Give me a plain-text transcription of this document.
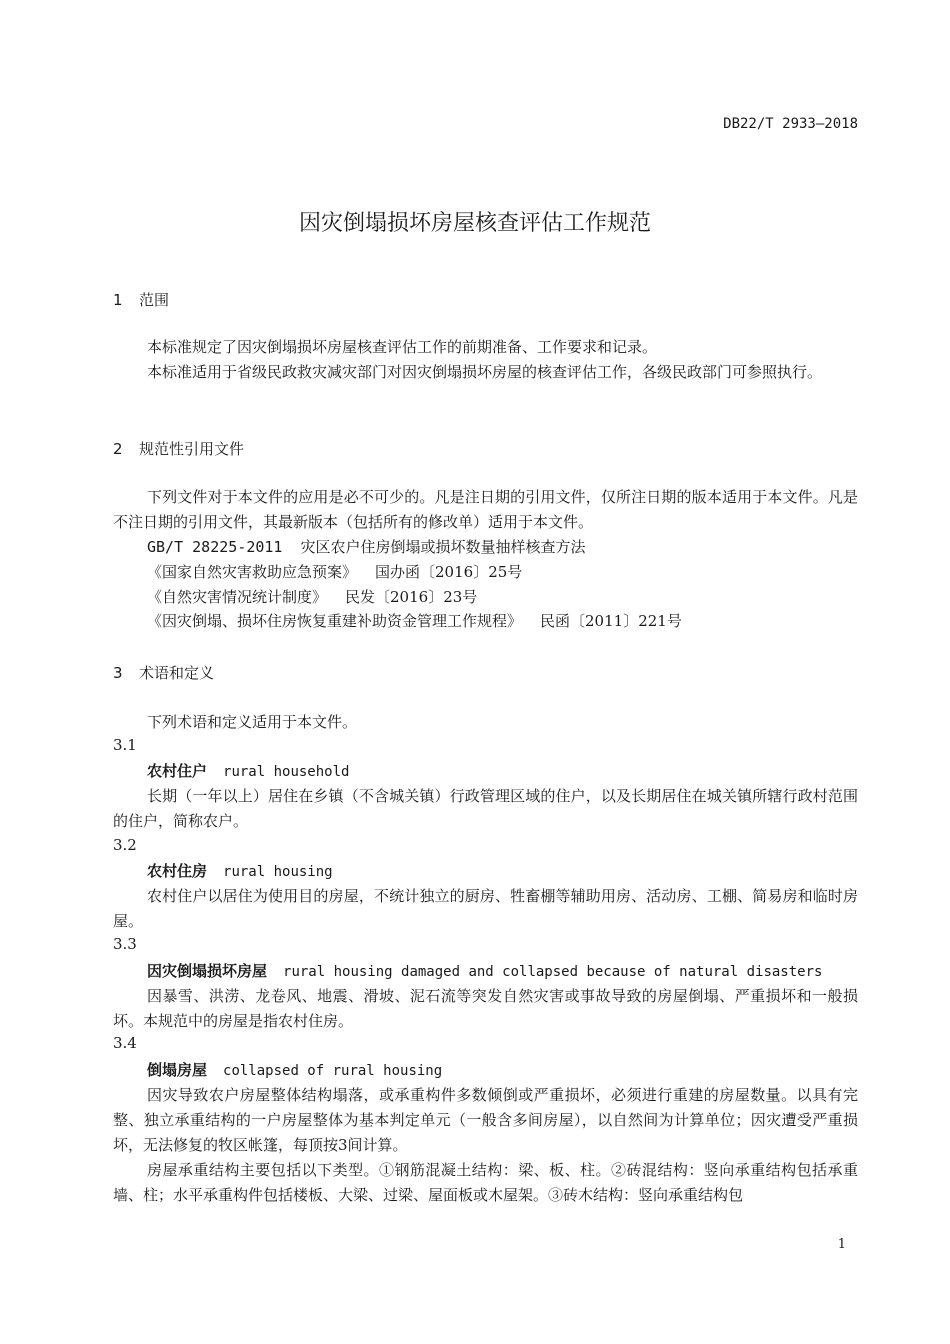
DB22/T 2933—2018
因灾倒塌损坏房屋核查评估工作规范
1 范围
本标准规定了因灾倒塌损坏房屋核查评估工作的前期准备、工作要求和记录。
本标准适用于省级民政救灾减灾部门对因灾倒塌损坏房屋的核查评估工作，各级民政部门可参照执行。
2 规范性引用文件
下列文件对于本文件的应用是必不可少的。凡是注日期的引用文件，仅所注日期的版本适用于本文件。凡是不注日期的引用文件，其最新版本（包括所有的修改单）适用于本文件。
GB/T 28225-2011 灾区农户住房倒塌或损坏数量抽样核查方法
《国家自然灾害救助应急预案》 国办函〔2016〕25号
《自然灾害情况统计制度》 民发〔2016〕23号
《因灾倒塌、损坏住房恢复重建补助资金管理工作规程》 民函〔2011〕221号
3 术语和定义
下列术语和定义适用于本文件。
3.1
农村住户 rural household
长期（一年以上）居住在乡镇（不含城关镇）行政管理区域的住户，以及长期居住在城关镇所辖行政村范围的住户，简称农户。
3.2
农村住房 rural housing
农村住户以居住为使用目的房屋，不统计独立的厨房、牲畜棚等辅助用房、活动房、工棚、简易房和临时房屋。
3.3
因灾倒塌损坏房屋 rural housing damaged and collapsed because of natural disasters
因暴雪、洪涝、龙卷风、地震、滑坡、泥石流等突发自然灾害或事故导致的房屋倒塌、严重损坏和一般损坏。本规范中的房屋是指农村住房。
3.4
倒塌房屋 collapsed of rural housing
因灾导致农户房屋整体结构塌落，或承重构件多数倾倒或严重损坏，必须进行重建的房屋数量。以具有完整、独立承重结构的一户房屋整体为基本判定单元（一般含多间房屋），以自然间为计算单位；因灾遭受严重损坏，无法修复的牧区帐篷，每顶按3间计算。
房屋承重结构主要包括以下类型。①钢筋混凝土结构：梁、板、柱。②砖混结构：竖向承重结构包括承重墙、柱；水平承重构件包括楼板、大梁、过梁、屋面板或木屋架。③砖木结构：竖向承重结构包
1
